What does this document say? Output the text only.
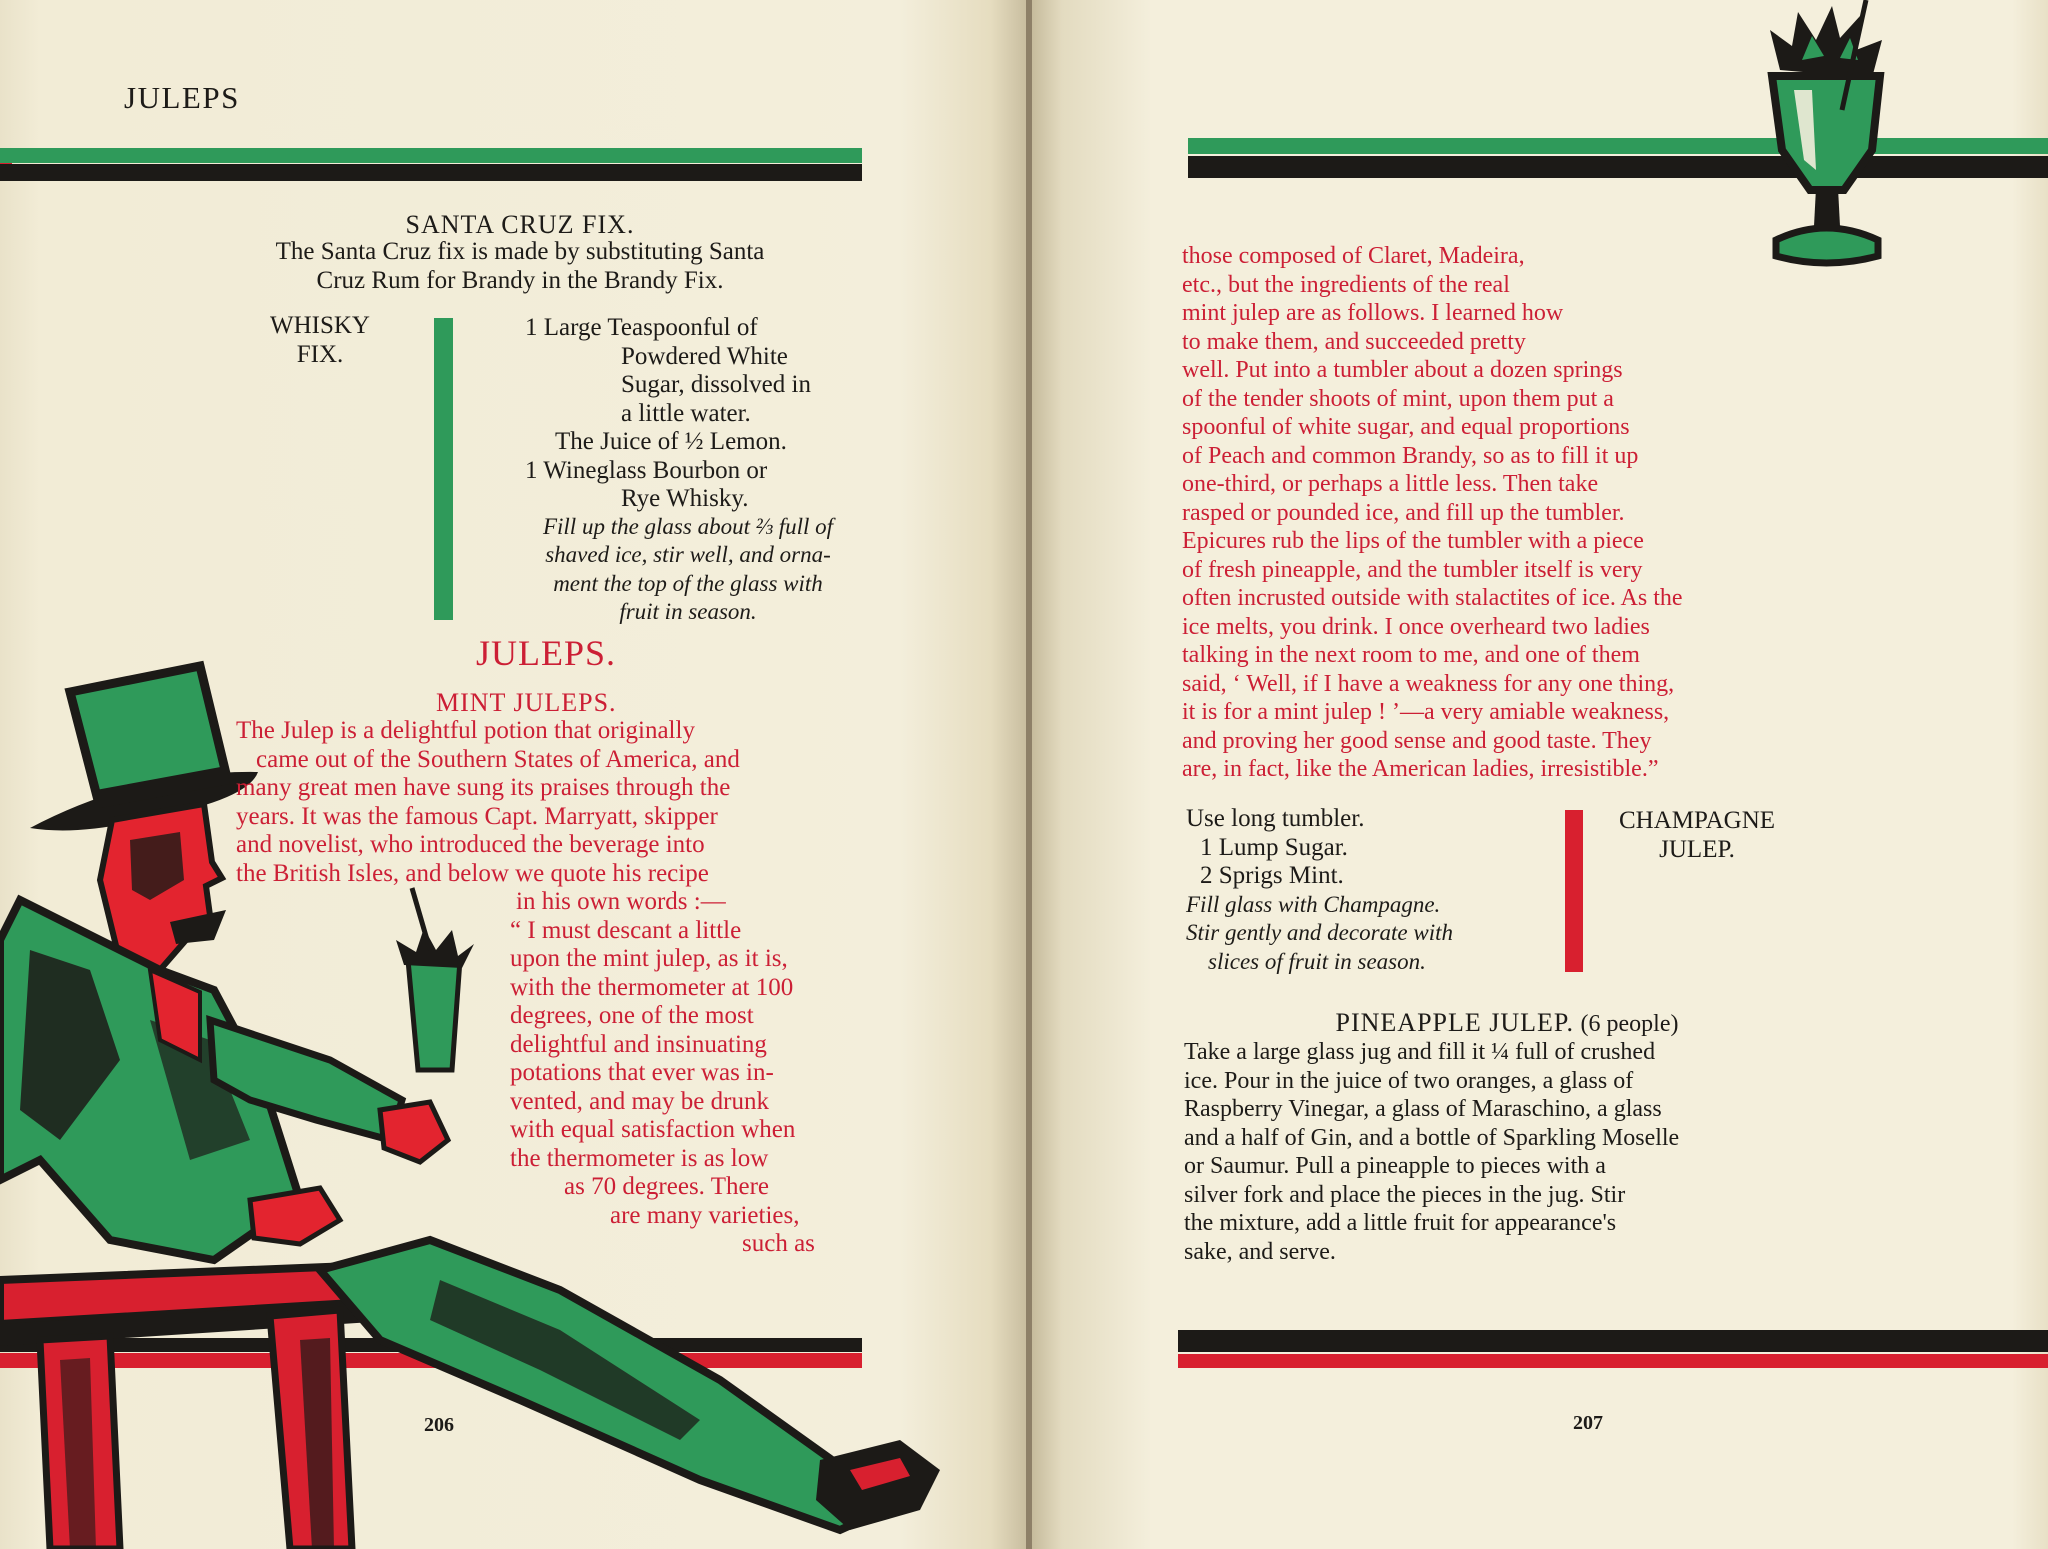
JULEPS
SANTA CRUZ FIX.
The Santa Cruz fix is made by substituting Santa
Cruz Rum for Brandy in the Brandy Fix.
WHISKY
FIX.
1 Large Teaspoonful of
Powdered White
Sugar, dissolved in
a little water.
The Juice of ½ Lemon.
1 Wineglass Bourbon or
Rye Whisky.
Fill up the glass about ⅔ full of
shaved ice, stir well, and orna-
ment the top of the glass with
fruit in season.
JULEPS.
MINT JULEPS.
The Julep is a delightful potion that originally
came out of the Southern States of America, and
many great men have sung its praises through the
years. It was the famous Capt. Marryatt, skipper
and novelist, who introduced the beverage into
the British Isles, and below we quote his recipe
in his own words :—
“ I must descant a little
upon the mint julep, as it is,
with the thermometer at 100
degrees, one of the most
delightful and insinuating
potations that ever was in-
vented, and may be drunk
with equal satisfaction when
the thermometer is as low
as 70 degrees. There
are many varieties,
such as
206
those composed of Claret, Madeira,
etc., but the ingredients of the real
mint julep are as follows. I learned how
to make them, and succeeded pretty
well. Put into a tumbler about a dozen springs
of the tender shoots of mint, upon them put a
spoonful of white sugar, and equal proportions
of Peach and common Brandy, so as to fill it up
one-third, or perhaps a little less. Then take
rasped or pounded ice, and fill up the tumbler.
Epicures rub the lips of the tumbler with a piece
of fresh pineapple, and the tumbler itself is very
often incrusted outside with stalactites of ice. As the
ice melts, you drink. I once overheard two ladies
talking in the next room to me, and one of them
said, ‘ Well, if I have a weakness for any one thing,
it is for a mint julep ! ’—a very amiable weakness,
and proving her good sense and good taste. They
are, in fact, like the American ladies, irresistible.”
Use long tumbler.
1 Lump Sugar.
2 Sprigs Mint.
Fill glass with Champagne.
Stir gently and decorate with
slices of fruit in season.
CHAMPAGNE
JULEP.
PINEAPPLE JULEP. (6 people)
Take a large glass jug and fill it ¼ full of crushed
ice. Pour in the juice of two oranges, a glass of
Raspberry Vinegar, a glass of Maraschino, a glass
and a half of Gin, and a bottle of Sparkling Moselle
or Saumur. Pull a pineapple to pieces with a
silver fork and place the pieces in the jug. Stir
the mixture, add a little fruit for appearance's
sake, and serve.
207
